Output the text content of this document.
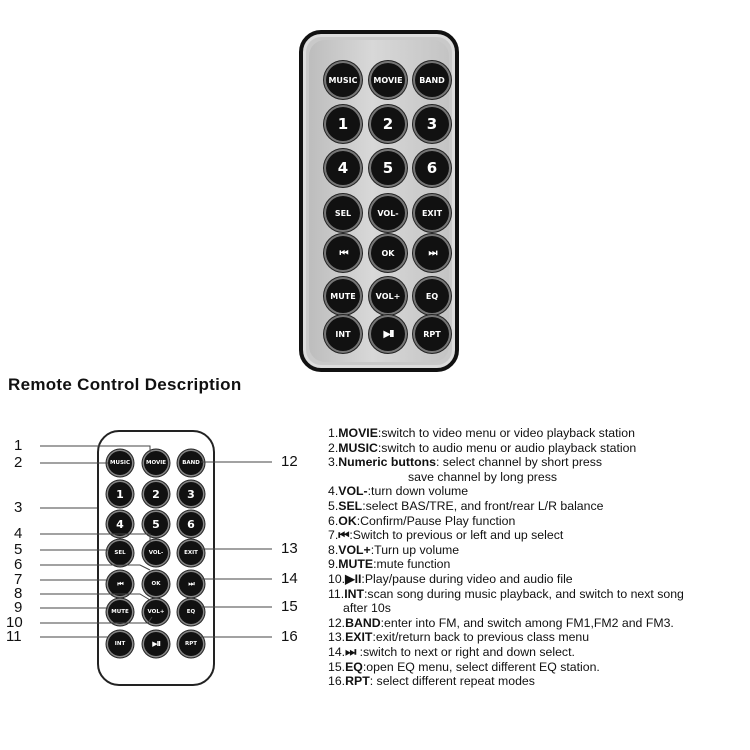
MUSIC	MOVIE	BAND
1	2	3
4	5	6
SEL	VOL-	EXIT
⏮	OK	⏭
MUTE	VOL+	EQ
INT	▶II	RPT
Remote Control Description
MUSIC	MOVIE	BAND
1	2	3
4	5	6
SEL	VOL-	EXIT
⏮	OK	⏭
MUTE	VOL+	EQ
INT	▶II	RPT
1
2
3
4
5
6
7
8
9
10
11
12
13
14
15
16
1.MOVIE:switch to video menu or video playback station
2.MUSIC:switch to audio menu or audio playback station
3.Numeric buttons: select channel by short press
save channel by long press
4.VOL-:turn down volume
5.SEL:select BAS/TRE, and front/rear L/R balance
6.OK:Confirm/Pause Play function
7.⏮:Switch to previous or left and up select
8.VOL+:Turn up volume
9.MUTE:mute function
10.▶II:Play/pause during video and audio file
11.INT:scan song during music playback, and switch to next song
after 10s
12.BAND:enter into FM, and switch among FM1,FM2 and FM3.
13.EXIT:exit/return back to previous class menu
14.⏭ :switch to next or right and down select.
15.EQ:open EQ menu, select different EQ station.
16.RPT: select different repeat modes
